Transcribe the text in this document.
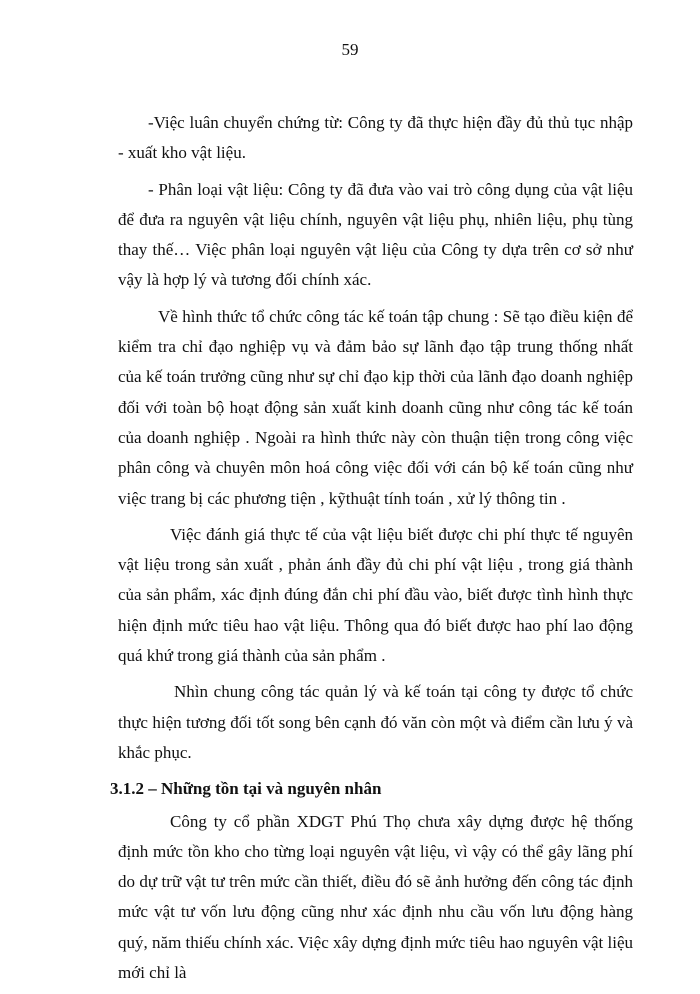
59

-Việc luân chuyển chứng từ: Công ty đã thực hiện đầy đủ thủ tục nhập - xuất kho vật liệu.

- Phân loại vật liệu: Công ty đã đưa vào vai trò công dụng của vật liệu để đưa ra nguyên vật liệu chính, nguyên vật liệu phụ, nhiên liệu, phụ tùng thay thế… Việc phân loại nguyên vật liệu của Công ty dựa trên cơ sở như vậy là hợp lý và tương đối chính xác.

Về hình thức tổ chức công tác kế toán tập chung : Sẽ tạo điều kiện để kiểm tra chỉ đạo nghiệp vụ và đảm bảo sự lãnh đạo tập trung thống nhất của kế toán trưởng cũng như sự chỉ đạo kịp thời của lãnh đạo doanh nghiệp đối với toàn bộ hoạt động sản xuất kinh doanh cũng như công tác kế toán của doanh nghiệp . Ngoài ra hình thức này còn thuận tiện trong công việc phân công và chuyên môn hoá công việc đối với cán bộ kế toán cũng như việc trang bị các phương tiện , kỹthuật tính toán , xử lý thông tin .

Việc đánh giá thực tế của vật liệu biết được chi phí thực tế nguyên vật liệu trong sản xuất , phản ánh đầy đủ chi phí vật liệu , trong giá thành của sản phẩm, xác định đúng đắn chi phí đầu vào, biết được tình hình thực hiện định mức tiêu hao vật liệu. Thông qua đó biết được hao phí lao động quá khứ trong giá thành của sản phẩm .

Nhìn chung công tác quản lý và kế toán tại công ty được tổ chức thực hiện tương đối tốt song bên cạnh đó văn còn một và điểm cần lưu ý và khắc phục.

3.1.2 – Những tồn tại và nguyên nhân

Công ty cổ phần XDGT Phú Thọ chưa xây dựng được hệ thống định mức tồn kho cho từng loại nguyên vật liệu, vì vậy có thể gây lãng phí do dự trữ vật tư trên mức cần thiết, điều đó sẽ ảnh hưởng đến công tác định mức vật tư vốn lưu động cũng như xác định nhu cầu vốn lưu động hàng quý, năm thiếu chính xác. Việc xây dựng định mức tiêu hao nguyên vật liệu mới chỉ là
